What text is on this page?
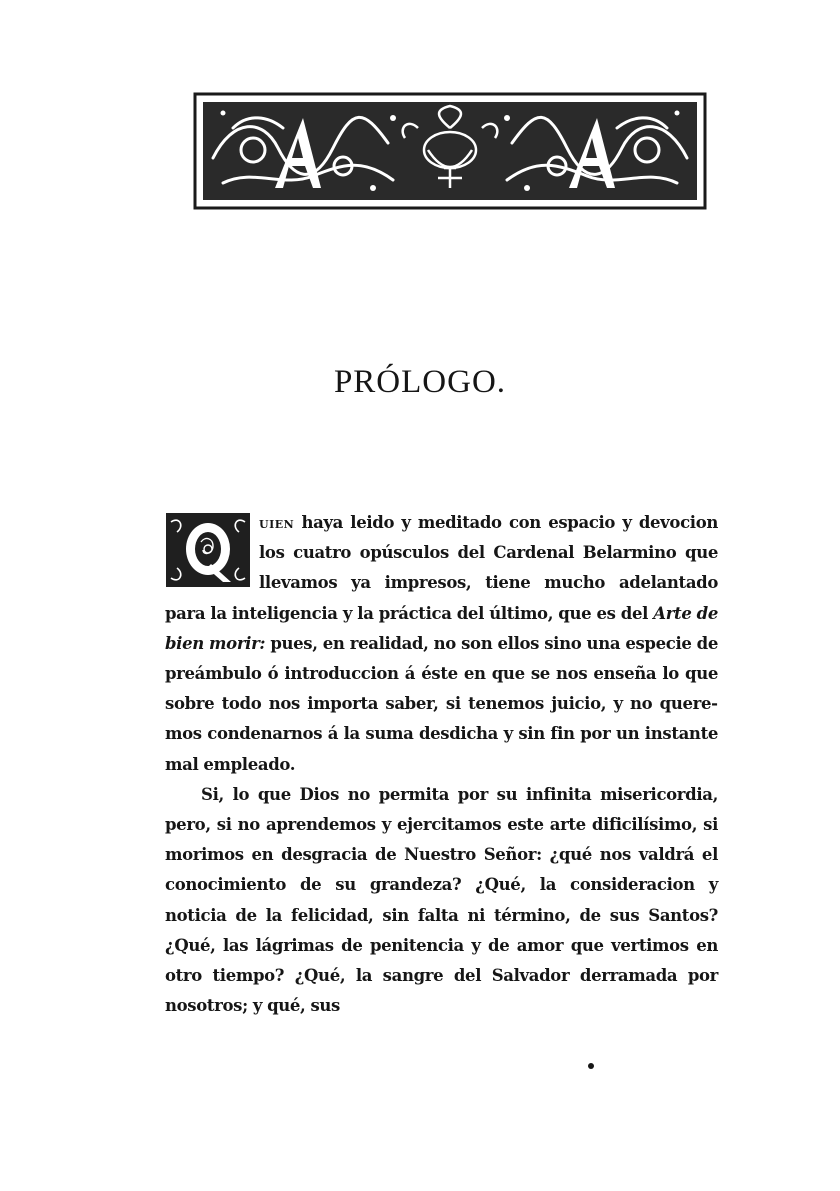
PRÓLOGO.

uien haya leido y meditado con espacio y devocion los cuatro opúsculos del Cardenal Belarmino que llevamos ya impresos, tiene mucho adelantado para la inteligencia y la práctica del último, que es del Arte de bien morir: pues, en realidad, no son ellos sino una especie de preámbulo ó introduccion á éste en que se nos enseña lo que sobre todo nos importa saber, si tenemos juicio, y no queremos condenarnos á la suma desdicha y sin fin por un instante mal empleado.

Si, lo que Dios no permita por su infinita misericordia, pero, si no aprendemos y ejercitamos este arte dificilísimo, si morimos en desgracia de Nuestro Señor: ¿qué nos valdrá el conocimiento de su grandeza? ¿Qué, la consideracion y noticia de la felicidad, sin falta ni término, de sus Santos? ¿Qué, las lágrimas de penitencia y de amor que vertimos en otro tiempo? ¿Qué, la sangre del Salvador derramada por nosotros; y qué, sus
